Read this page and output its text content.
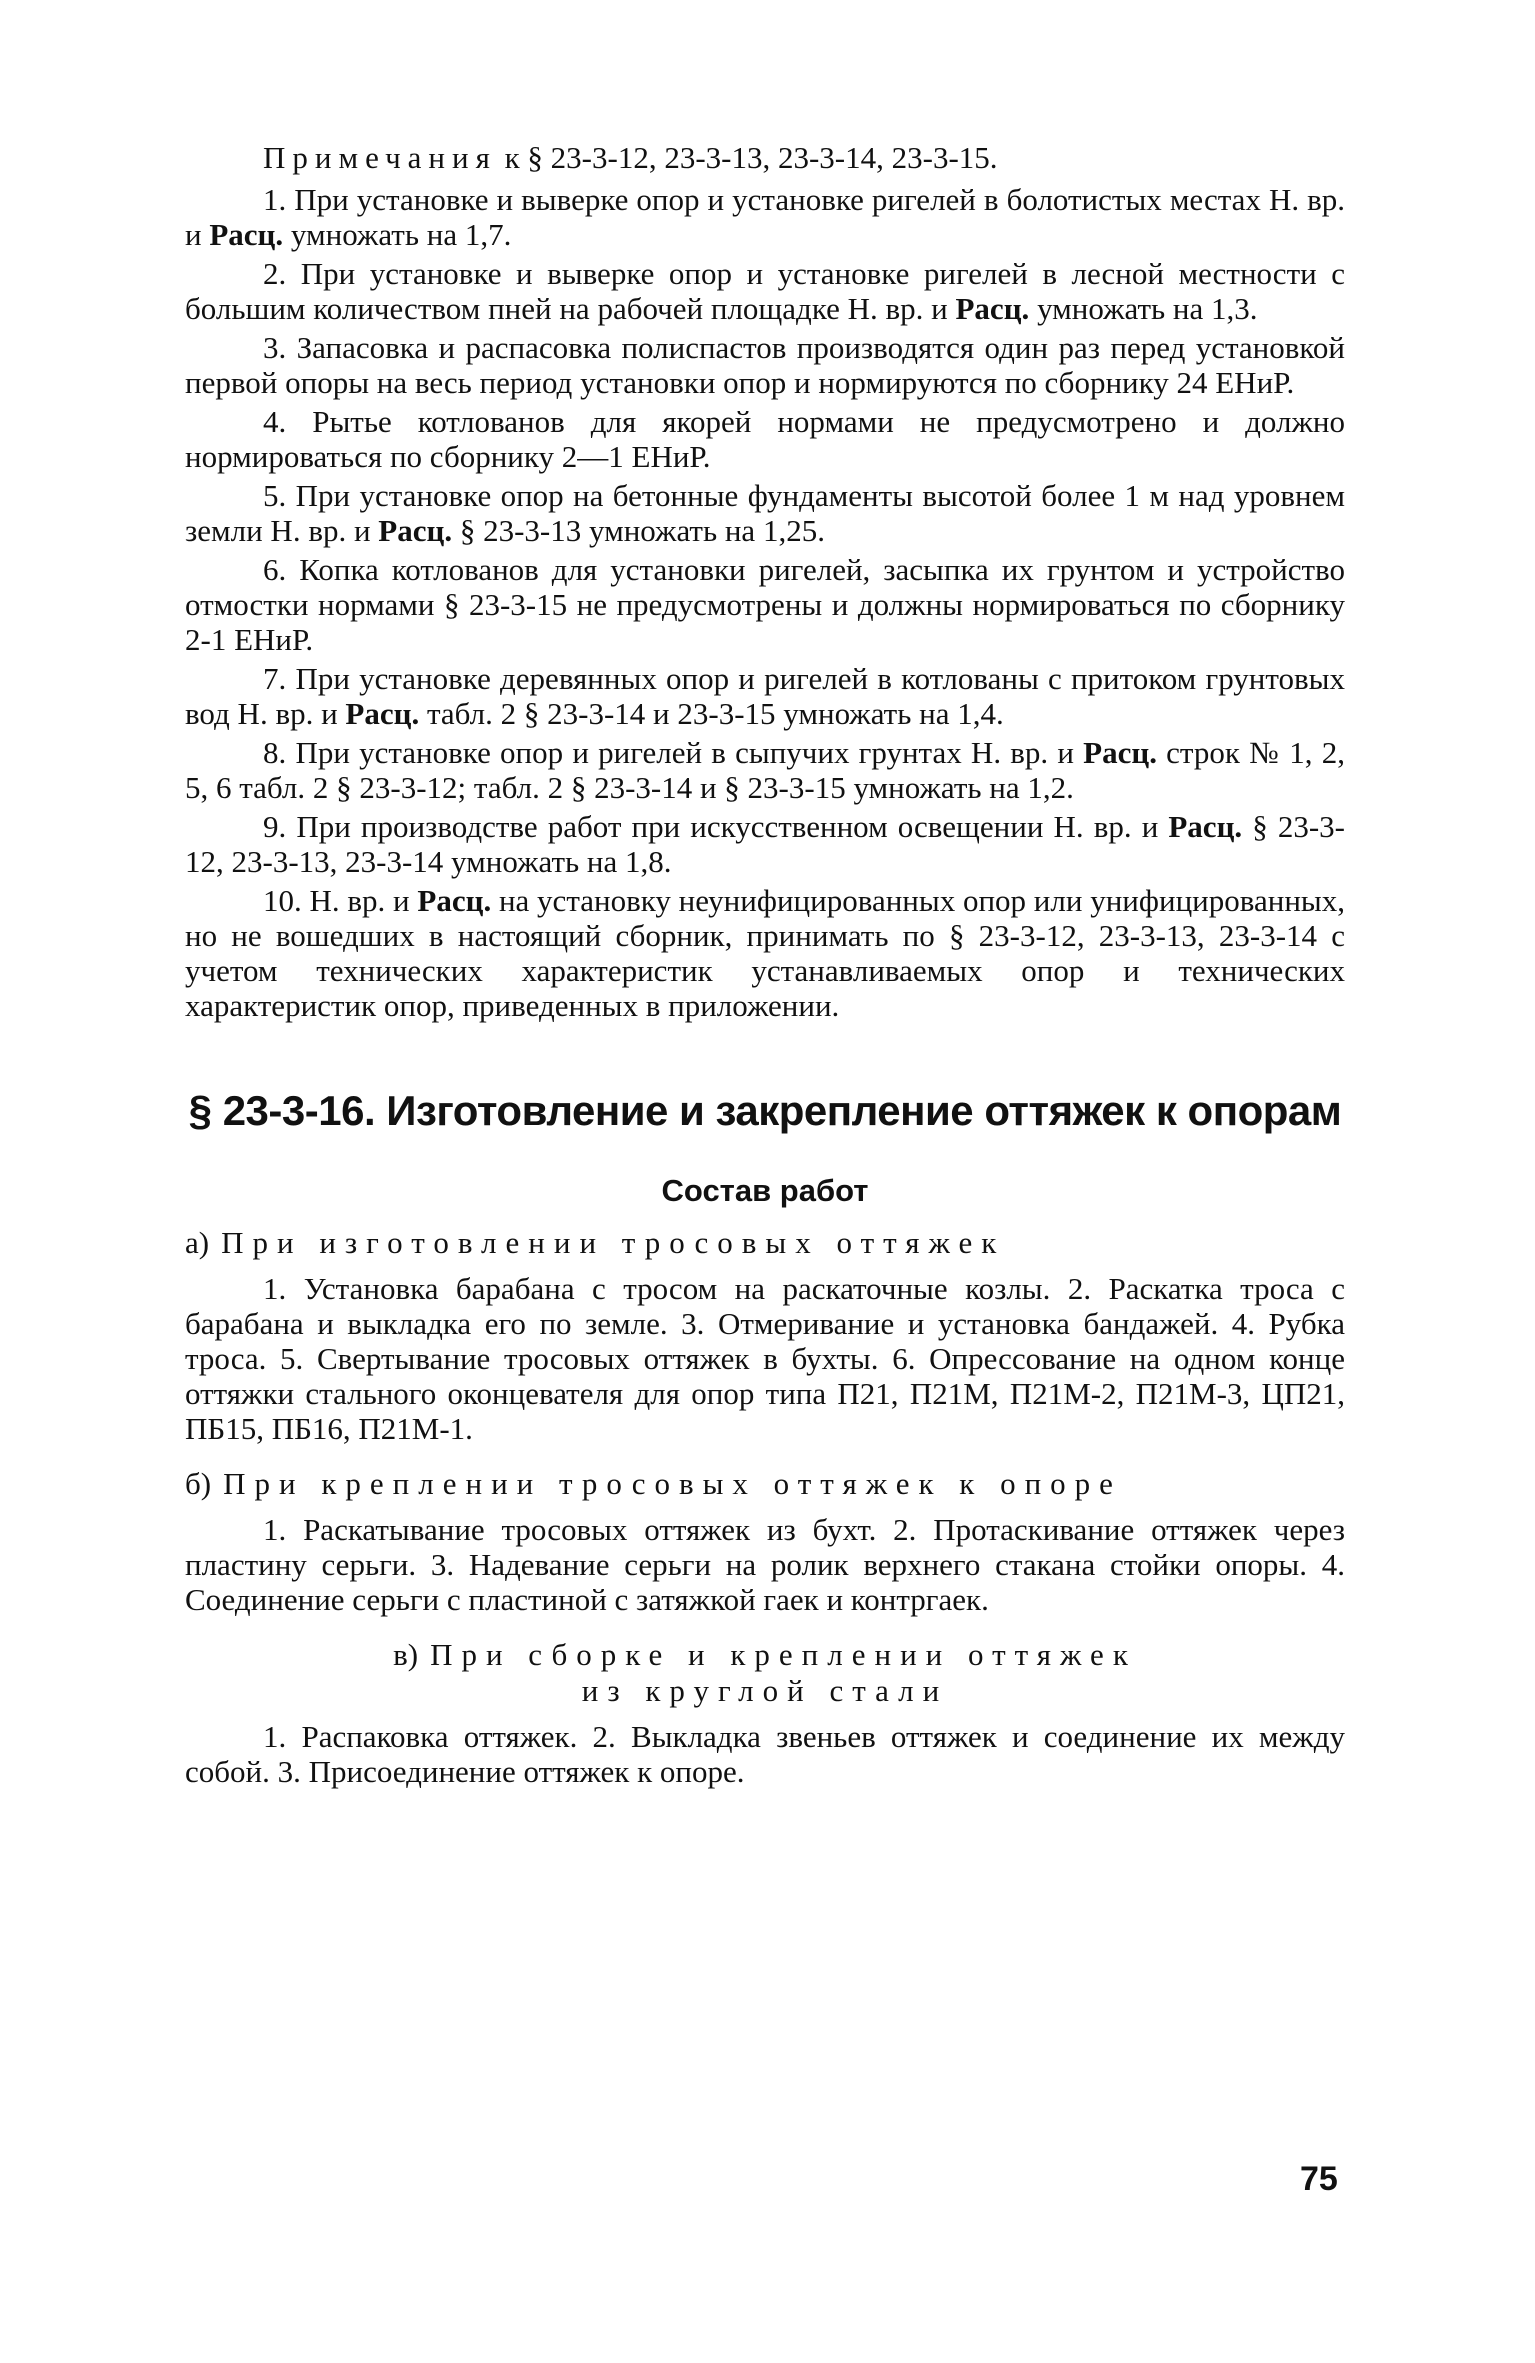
Примечания к § 23-3-12, 23-3-13, 23-3-14, 23-3-15.

1. При установке и выверке опор и установке ригелей в болотистых местах Н. вр. и Расц. умножать на 1,7.

2. При установке и выверке опор и установке ригелей в лесной местности с большим количеством пней на рабочей площадке Н. вр. и Расц. умножать на 1,3.

3. Запасовка и распасовка полиспастов производятся один раз перед установкой первой опоры на весь период установки опор и нормируются по сборнику 24 ЕНиР.

4. Рытье котлованов для якорей нормами не предусмотрено и должно нормироваться по сборнику 2—1 ЕНиР.

5. При установке опор на бетонные фундаменты высотой более 1 м над уровнем земли Н. вр. и Расц. § 23-3-13 умножать на 1,25.

6. Копка котлованов для установки ригелей, засыпка их грунтом и устройство отмостки нормами § 23-3-15 не предусмотрены и должны нормироваться по сборнику 2-1 ЕНиР.

7. При установке деревянных опор и ригелей в котлованы с притоком грунтовых вод Н. вр. и Расц. табл. 2 § 23-3-14 и 23-3-15 умножать на 1,4.

8. При установке опор и ригелей в сыпучих грунтах Н. вр. и Расц. строк № 1, 2, 5, 6 табл. 2 § 23-3-12; табл. 2 § 23-3-14 и § 23-3-15 умножать на 1,2.

9. При производстве работ при искусственном освещении Н. вр. и Расц. § 23-3-12, 23-3-13, 23-3-14 умножать на 1,8.

10. Н. вр. и Расц. на установку неунифицированных опор или унифицированных, но не вошедших в настоящий сборник, принимать по § 23-3-12, 23-3-13, 23-3-14 с учетом технических характеристик устанавливаемых опор и технических характеристик опор, приведенных в приложении.

§ 23-3-16. Изготовление и закрепление оттяжек к опорам
Состав работ
а) При изготовлении тросовых оттяжек

1. Установка барабана с тросом на раскаточные козлы. 2. Раскатка троса с барабана и выкладка его по земле. 3. Отмеривание и установка бандажей. 4. Рубка троса. 5. Свертывание тросовых оттяжек в бухты. 6. Опрессование на одном конце оттяжки стального оконцевателя для опор типа П21, П21М, П21М-2, П21М-3, ЦП21, ПБ15, ПБ16, П21М-1.

б) При креплении тросовых оттяжек к опоре

1. Раскатывание тросовых оттяжек из бухт. 2. Протаскивание оттяжек через пластину серьги. 3. Надевание серьги на ролик верхнего стакана стойки опоры. 4. Соединение серьги с пластиной с затяжкой гаек и контргаек.

в) При сборке и креплении оттяжек
из круглой стали

1. Распаковка оттяжек. 2. Выкладка звеньев оттяжек и соединение их между собой. 3. Присоединение оттяжек к опоре.

75
